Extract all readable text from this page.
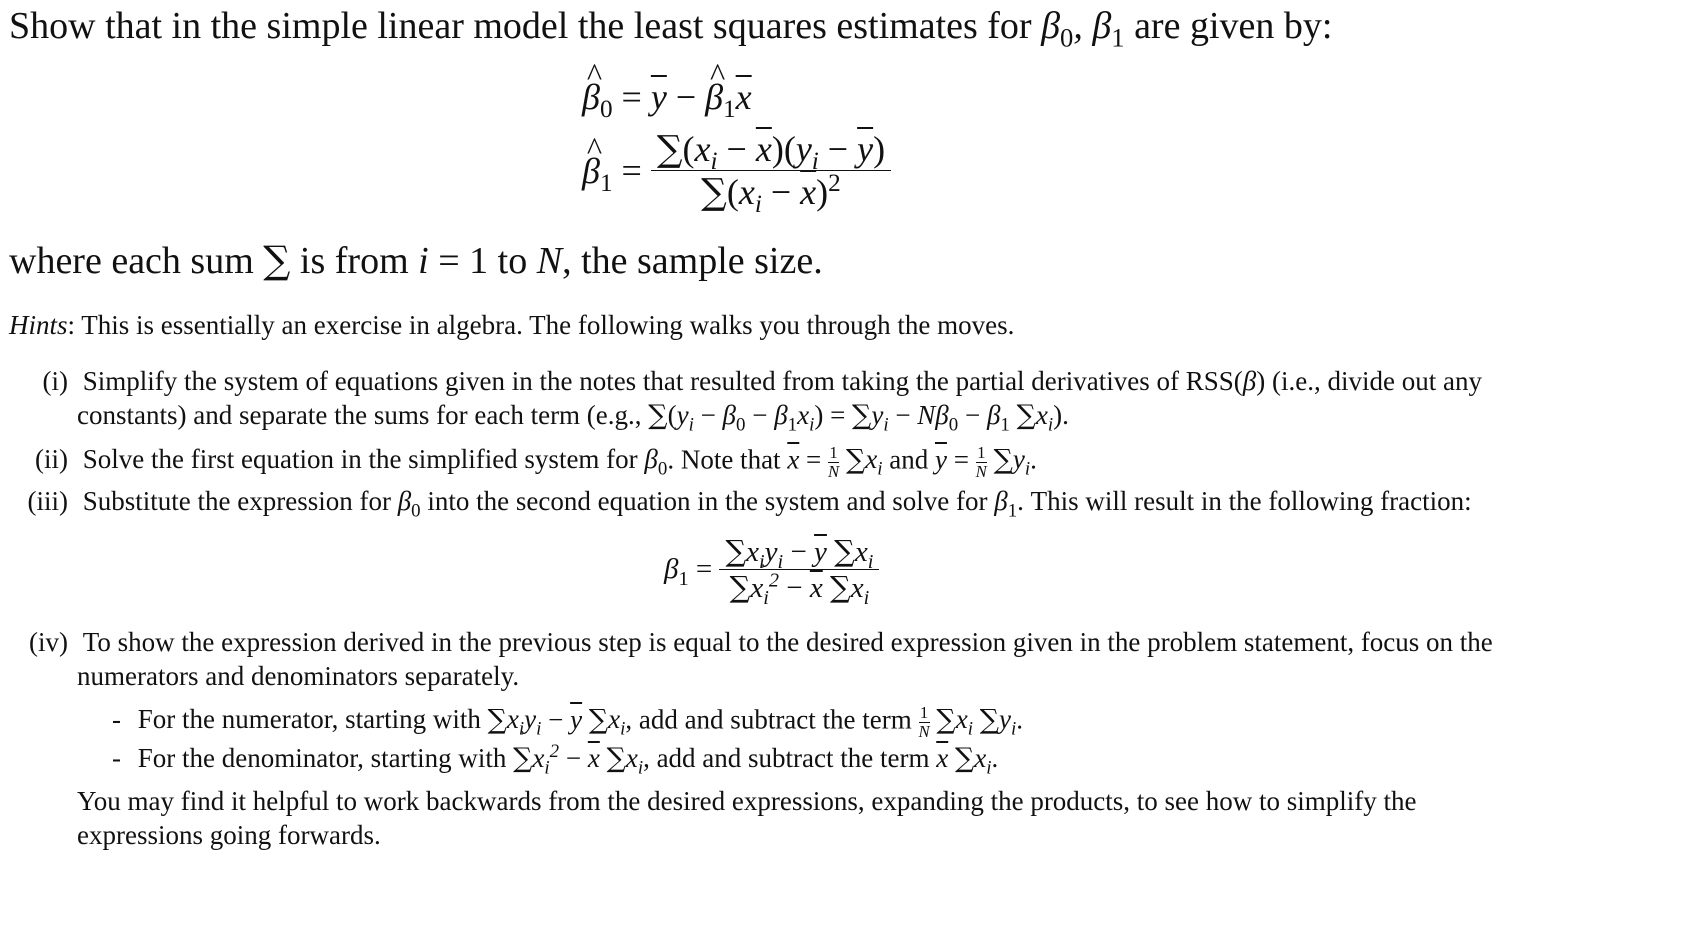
Show that in the simple linear model the least squares estimates for $\beta_0$, $\beta_1$ are given by:
^ $\beta_0 = \overline{y}$ − ^ $\beta_1\overline{x}$
^ $\beta_1 = \frac{\sum(x_i - \overline{x})(y_i - \overline{y})}{\sum(x_i - \overline{x})^2}$
where each sum ∑ is from i = 1 to N, the sample size.
Hints: This is essentially an exercise in algebra. The following walks you through the moves.
(i) Simplify the system of equations given in the notes that resulted from taking the partial derivatives of RSS(β) (i.e., divide out any
constants) and separate the sums for each term (e.g., $\sum(y_i - \beta_0 - \beta_1x_i) = \sum y_i - N\beta_0 - \beta_1$ $\sum x_i$).
(ii) Solve the first equation in the simplified system for $\beta_0$. Note that $\overline{x} = \frac{1}{N} \sum x_i$ and $\overline{y} = \frac{1}{N} \sum y_i$.
(iii) Substitute the expression for $\beta_0$ into the second equation in the system and solve for $\beta_1$. This will result in the following fraction:
$\beta_1 = \frac{\sum x_iy_i - \overline{y} \sum x_i}{\sum x_i^2 - \overline{x} \sum x_i}$
(iv) To show the expression derived in the previous step is equal to the desired expression given in the problem statement, focus on the
numerators and denominators separately.
- For the numerator, starting with $\sum x_iy_i - \overline{y}$ $\sum x_i$, add and subtract the term $\frac{1}{N} \sum x_i$ $\sum y_i$.
- For the denominator, starting with $\sum x_i^2 - \overline{x}$ $\sum x_i$, add and subtract the term $\overline{x}$ $\sum x_i$.
You may find it helpful to work backwards from the desired expressions, expanding the products, to see how to simplify the
expressions going forwards.
